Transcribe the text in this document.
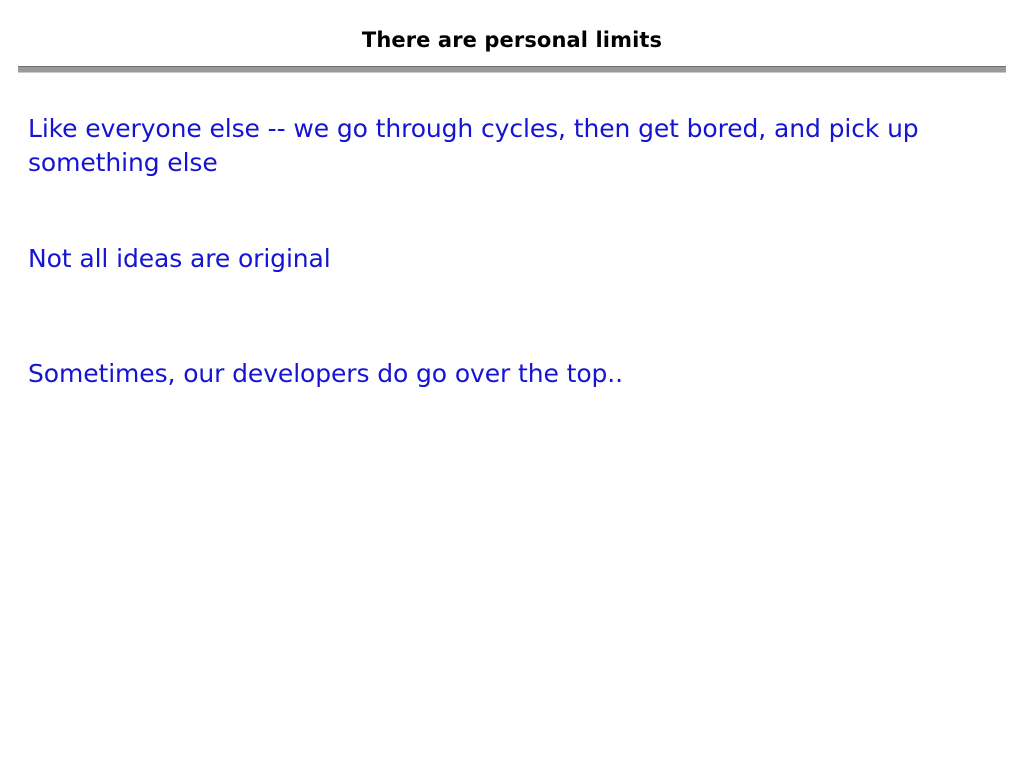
There are personal limits
Like everyone else -- we go through cycles, then get bored, and pick up something else
Not all ideas are original
Sometimes, our developers do go over the top..
